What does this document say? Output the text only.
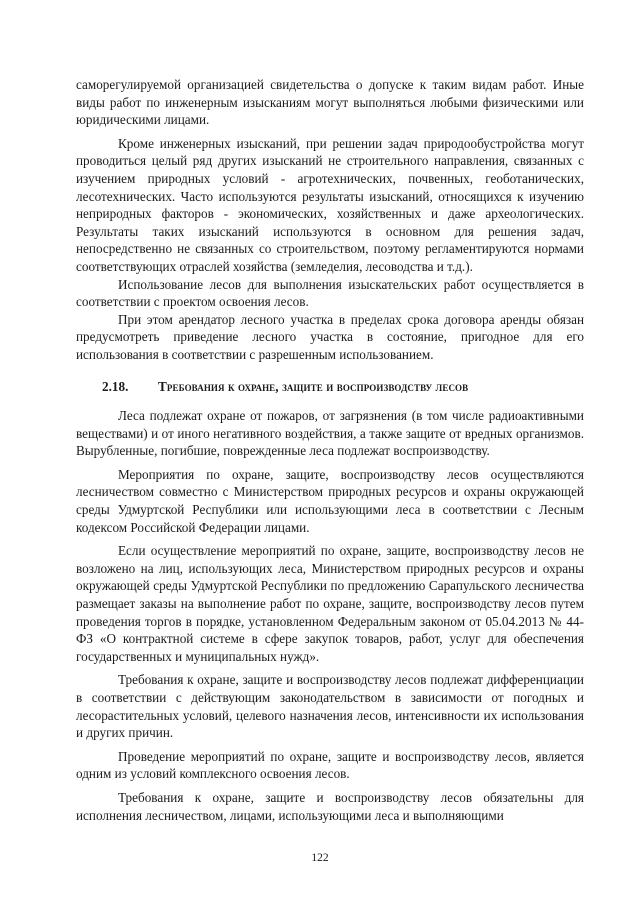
саморегулируемой организацией свидетельства о допуске к таким видам работ. Иные виды работ по инженерным изысканиям могут выполняться любыми физическими или юридическими лицами.

Кроме инженерных изысканий, при решении задач природообустройства могут проводиться целый ряд других изысканий не строительного направления, связанных с изучением природных условий - агротехнических, почвенных, геоботанических, лесотехнических. Часто используются результаты изысканий, относящихся к изучению неприродных факторов - экономических, хозяйственных и даже археологических. Результаты таких изысканий используются в основном для решения задач, непосредственно не связанных со строительством, поэтому регламентируются нормами соответствующих отраслей хозяйства (земледелия, лесоводства и т.д.).

Использование лесов для выполнения изыскательских работ осуществляется в соответствии с проектом освоения лесов.

При этом арендатор лесного участка в пределах срока договора аренды обязан предусмотреть приведение лесного участка в состояние, пригодное для его использования в соответствии с разрешенным использованием.

2.18. Требования к охране, защите и воспроизводству лесов

Леса подлежат охране от пожаров, от загрязнения (в том числе радиоактивными веществами) и от иного негативного воздействия, а также защите от вредных организмов. Вырубленные, погибшие, поврежденные леса подлежат воспроизводству.

Мероприятия по охране, защите, воспроизводству лесов осуществляются лесничеством совместно с Министерством природных ресурсов и охраны окружающей среды Удмуртской Республики или использующими леса в соответствии с Лесным кодексом Российской Федерации лицами.

Если осуществление мероприятий по охране, защите, воспроизводству лесов не возложено на лиц, использующих леса, Министерством природных ресурсов и охраны окружающей среды Удмуртской Республики по предложению Сарапульского лесничества размещает заказы на выполнение работ по охране, защите, воспроизводству лесов путем проведения торгов в порядке, установленном Федеральным законом от 05.04.2013 № 44-ФЗ «О контрактной системе в сфере закупок товаров, работ, услуг для обеспечения государственных и муниципальных нужд».

Требования к охране, защите и воспроизводству лесов подлежат дифференциации в соответствии с действующим законодательством в зависимости от погодных и лесорастительных условий, целевого назначения лесов, интенсивности их использования и других причин.

Проведение мероприятий по охране, защите и воспроизводству лесов, является одним из условий комплексного освоения лесов.

Требования к охране, защите и воспроизводству лесов обязательны для исполнения лесничеством, лицами, использующими леса и выполняющими

122
